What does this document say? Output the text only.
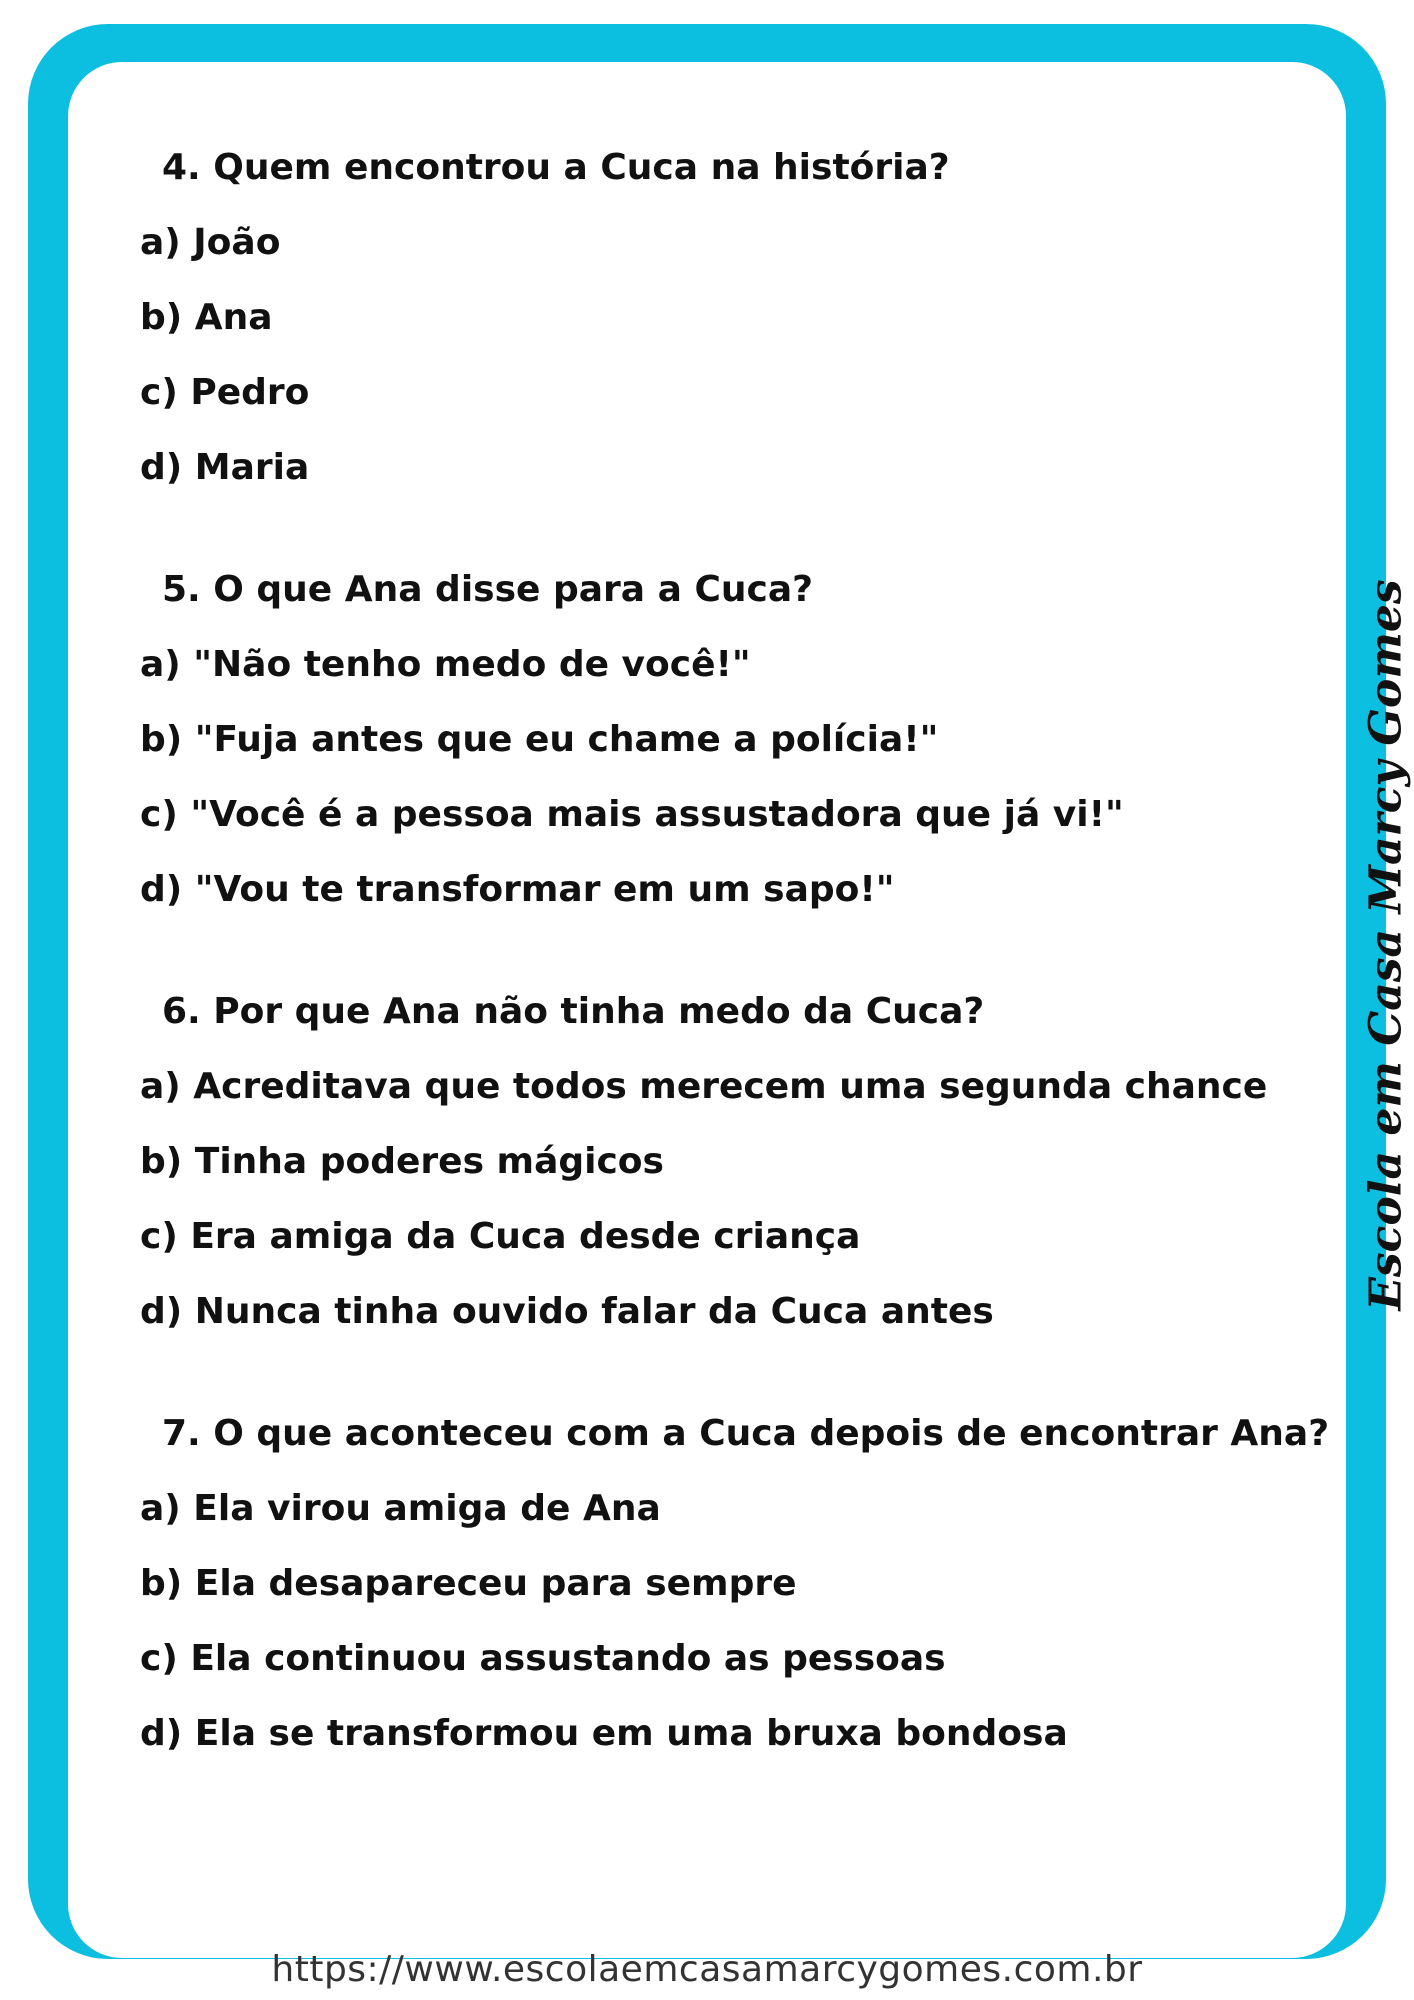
4. Quem encontrou a Cuca na história?
a) João
b) Ana
c) Pedro
d) Maria
5. O que Ana disse para a Cuca?
a) "Não tenho medo de você!"
b) "Fuja antes que eu chame a polícia!"
c) "Você é a pessoa mais assustadora que já vi!"
d) "Vou te transformar em um sapo!"
6. Por que Ana não tinha medo da Cuca?
a) Acreditava que todos merecem uma segunda chance
b) Tinha poderes mágicos
c) Era amiga da Cuca desde criança
d) Nunca tinha ouvido falar da Cuca antes
7. O que aconteceu com a Cuca depois de encontrar Ana?
a) Ela virou amiga de Ana
b) Ela desapareceu para sempre
c) Ela continuou assustando as pessoas
d) Ela se transformou em uma bruxa bondosa
Escola em Casa Marcy Gomes
https://www.escolaemcasamarcygomes.com.br
